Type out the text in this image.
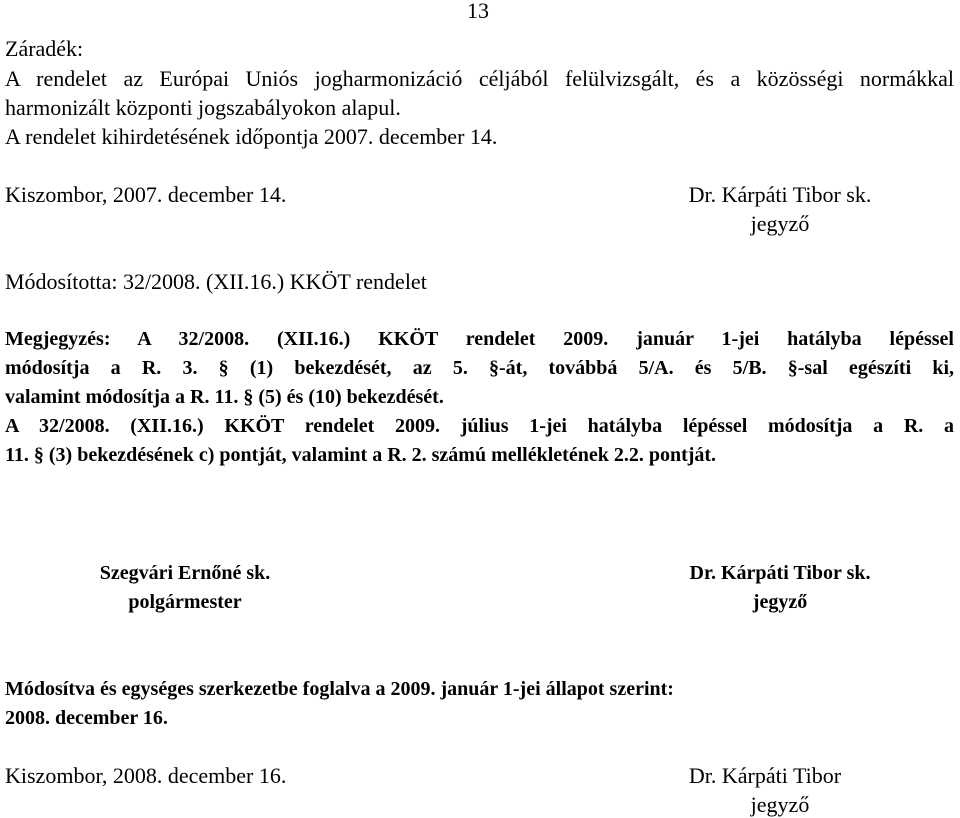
13
Záradék:
A rendelet az Európai Uniós jogharmonizáció céljából felülvizsgált, és a közösségi normákkal
harmonizált központi jogszabályokon alapul.
A rendelet kihirdetésének időpontja 2007. december 14.
Kiszombor, 2007. december 14.	Dr. Kárpáti Tibor sk.
jegyző
Módosította: 32/2008. (XII.16.) KKÖT rendelet
Megjegyzés: A 32/2008. (XII.16.) KKÖT rendelet 2009. január 1-jei hatályba lépéssel
módosítja a R. 3. § (1) bekezdését, az 5. §-át, továbbá 5/A. és 5/B. §-sal egészíti ki,
valamint módosítja a R. 11. § (5) és (10) bekezdését.
A 32/2008. (XII.16.) KKÖT rendelet 2009. július 1-jei hatályba lépéssel módosítja a R. a
11. § (3) bekezdésének c) pontját, valamint a R. 2. számú mellékletének 2.2. pontját.
Szegvári Ernőné sk.
polgármester
Dr. Kárpáti Tibor sk.
jegyző
Módosítva és egységes szerkezetbe foglalva a 2009. január 1-jei állapot szerint:
2008. december 16.
Kiszombor, 2008. december 16.	Dr. Kárpáti Tibor
jegyző
